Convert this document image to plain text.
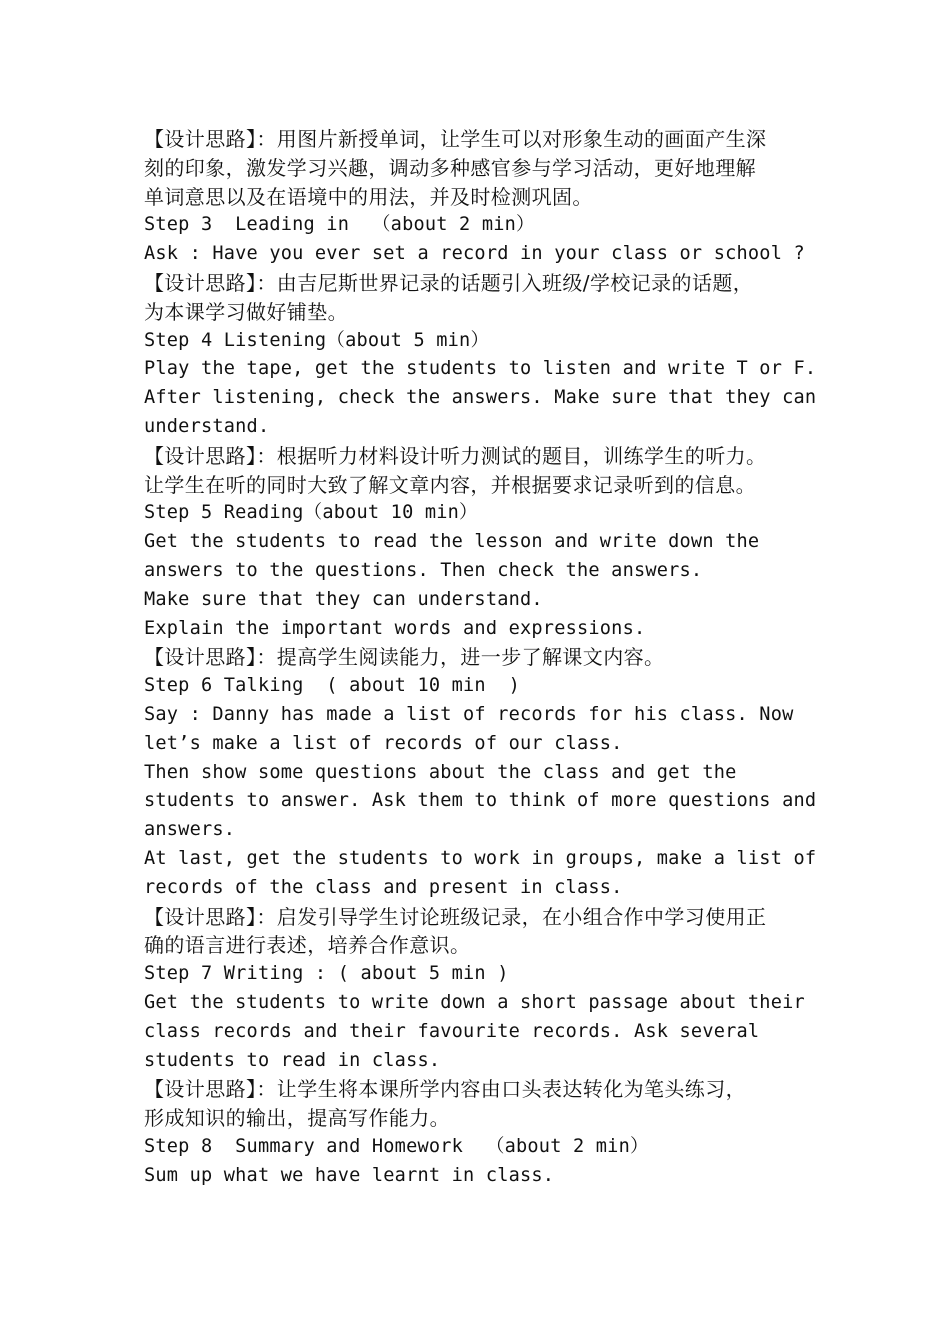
【设计思路】：用图片新授单词，让学生可以对形象生动的画面产生深
刻的印象，激发学习兴趣，调动多种感官参与学习活动，更好地理解
单词意思以及在语境中的用法，并及时检测巩固。
Step 3  Leading in  （about 2 min）
Ask : Have you ever set a record in your class or school ?
【设计思路】：由吉尼斯世界记录的话题引入班级/学校记录的话题，
为本课学习做好铺垫。
Step 4 Listening（about 5 min）
Play the tape, get the students to listen and write T or F.
After listening, check the answers. Make sure that they can
understand.
【设计思路】：根据听力材料设计听力测试的题目，训练学生的听力。
让学生在听的同时大致了解文章内容，并根据要求记录听到的信息。
Step 5 Reading（about 10 min）
Get the students to read the lesson and write down the
answers to the questions. Then check the answers.
Make sure that they can understand.
Explain the important words and expressions.
【设计思路】：提高学生阅读能力，进一步了解课文内容。
Step 6 Talking  ( about 10 min  )
Say : Danny has made a list of records for his class. Now
let’s make a list of records of our class.
Then show some questions about the class and get the
students to answer. Ask them to think of more questions and
answers.
At last, get the students to work in groups, make a list of
records of the class and present in class.
【设计思路】：启发引导学生讨论班级记录，在小组合作中学习使用正
确的语言进行表述，培养合作意识。
Step 7 Writing : ( about 5 min )
Get the students to write down a short passage about their
class records and their favourite records. Ask several
students to read in class.
【设计思路】：让学生将本课所学内容由口头表达转化为笔头练习，
形成知识的输出，提高写作能力。
Step 8  Summary and Homework  （about 2 min）
Sum up what we have learnt in class.
